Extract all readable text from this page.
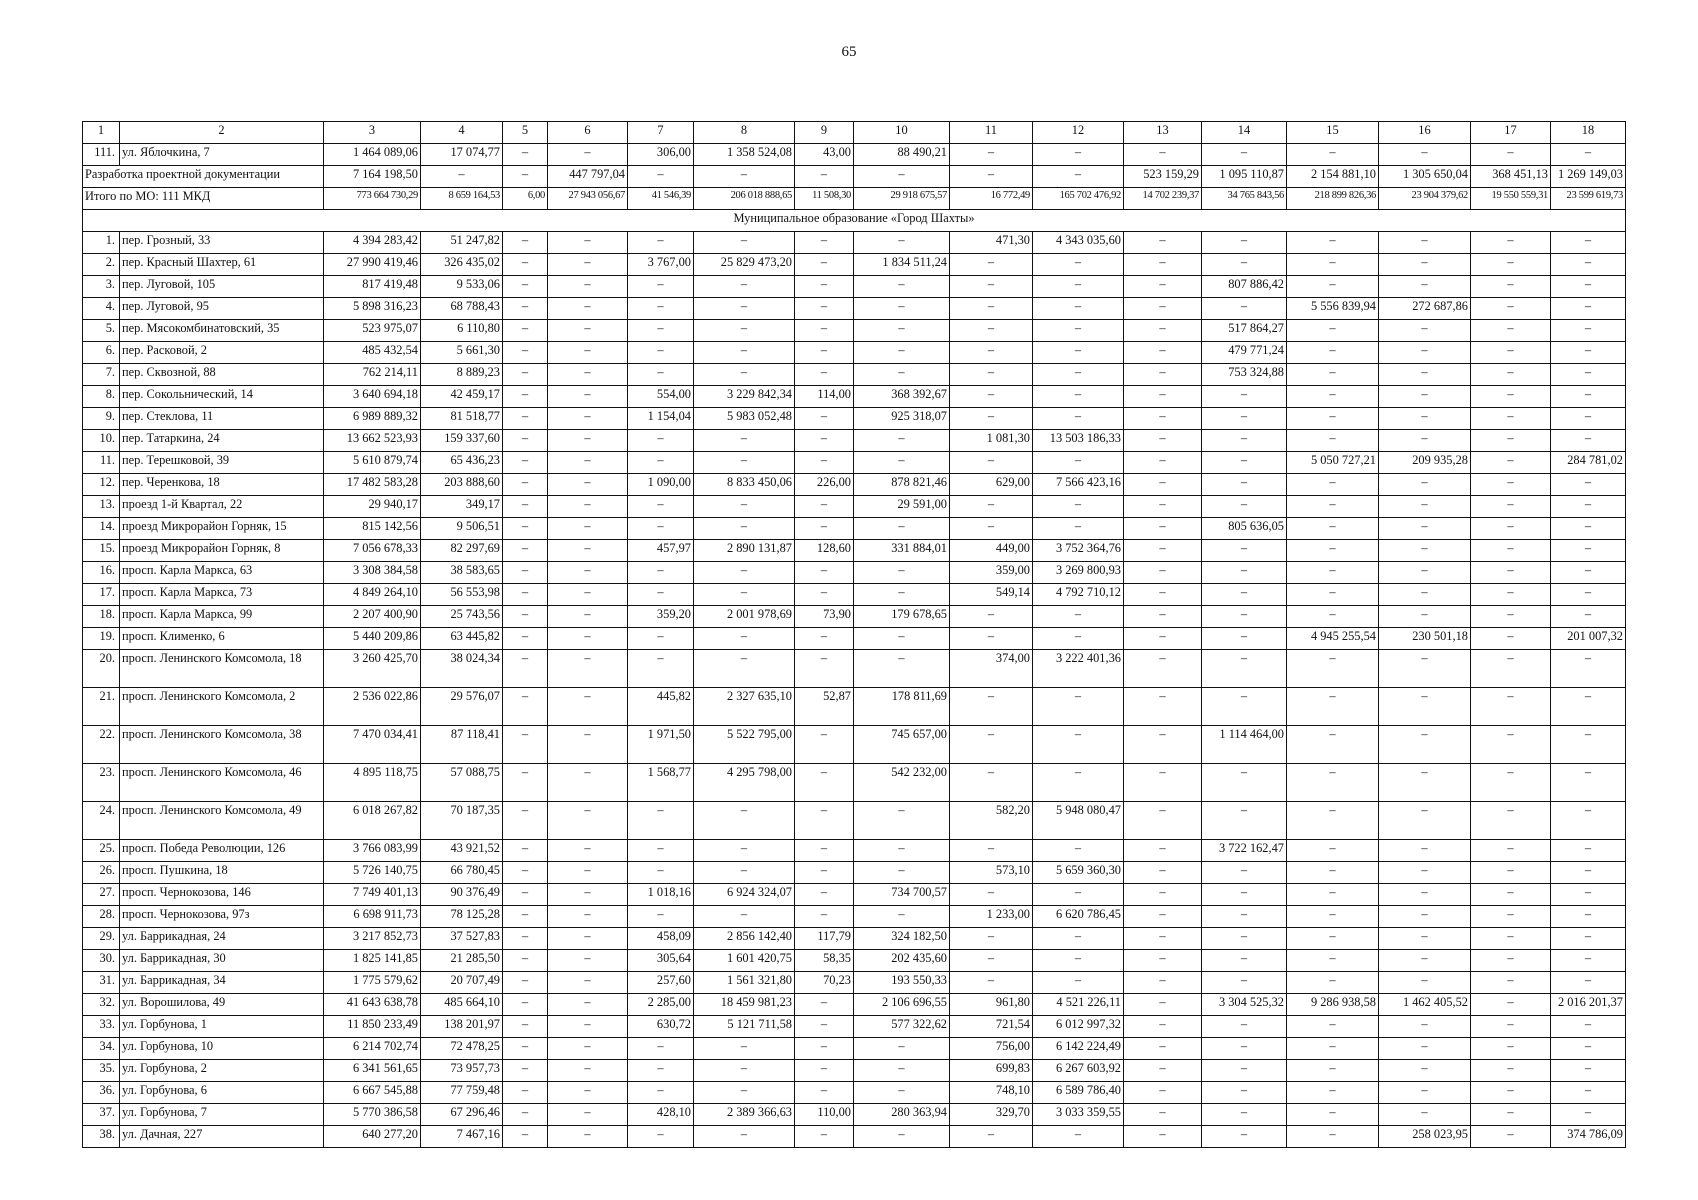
65
1	2	3	4	5	6	7	8	9	10	11	12	13	14	15	16	17	18
111.	ул. Яблочкина, 7	1 464 089,06	17 074,77	–	–	306,00	1 358 524,08	43,00	88 490,21	–	–	–	–	–	–	–	–
Разработка проектной документации		7 164 198,50	–	–	447 797,04	–	–	–	–	–	–	523 159,29	1 095 110,87	2 154 881,10	1 305 650,04	368 451,13	1 269 149,03
Итого по МО: 111 МКД		773 664 730,29	8 659 164,53	6,00	27 943 056,67	41 546,39	206 018 888,65	11 508,30	29 918 675,57	16 772,49	165 702 476,92	14 702 239,37	34 765 843,56	218 899 826,36	23 904 379,62	19 550 559,31	23 599 619,73
Муниципальное образование «Город Шахты»																	
1.	пер. Грозный, 33	4 394 283,42	51 247,82	–	–	–	–	–	–	471,30	4 343 035,60	–	–	–	–	–	–
2.	пер. Красный Шахтер, 61	27 990 419,46	326 435,02	–	–	3 767,00	25 829 473,20	–	1 834 511,24	–	–	–	–	–	–	–	–
3.	пер. Луговой, 105	817 419,48	9 533,06	–	–	–	–	–	–	–	–	–	807 886,42	–	–	–	–
4.	пер. Луговой, 95	5 898 316,23	68 788,43	–	–	–	–	–	–	–	–	–	–	5 556 839,94	272 687,86	–	–
5.	пер. Мясокомбинатовский, 35	523 975,07	6 110,80	–	–	–	–	–	–	–	–	–	517 864,27	–	–	–	–
6.	пер. Расковой, 2	485 432,54	5 661,30	–	–	–	–	–	–	–	–	–	479 771,24	–	–	–	–
7.	пер. Сквозной, 88	762 214,11	8 889,23	–	–	–	–	–	–	–	–	–	753 324,88	–	–	–	–
8.	пер. Сокольнический, 14	3 640 694,18	42 459,17	–	–	554,00	3 229 842,34	114,00	368 392,67	–	–	–	–	–	–	–	–
9.	пер. Стеклова, 11	6 989 889,32	81 518,77	–	–	1 154,04	5 983 052,48	–	925 318,07	–	–	–	–	–	–	–	–
10.	пер. Татаркина, 24	13 662 523,93	159 337,60	–	–	–	–	–	–	1 081,30	13 503 186,33	–	–	–	–	–	–
11.	пер. Терешковой, 39	5 610 879,74	65 436,23	–	–	–	–	–	–	–	–	–	–	5 050 727,21	209 935,28	–	284 781,02
12.	пер. Черенкова, 18	17 482 583,28	203 888,60	–	–	1 090,00	8 833 450,06	226,00	878 821,46	629,00	7 566 423,16	–	–	–	–	–	–
13.	проезд 1-й Квартал, 22	29 940,17	349,17	–	–	–	–	–	29 591,00	–	–	–	–	–	–	–	–
14.	проезд Микрорайон Горняк, 15	815 142,56	9 506,51	–	–	–	–	–	–	–	–	–	805 636,05	–	–	–	–
15.	проезд Микрорайон Горняк, 8	7 056 678,33	82 297,69	–	–	457,97	2 890 131,87	128,60	331 884,01	449,00	3 752 364,76	–	–	–	–	–	–
16.	просп. Карла Маркса, 63	3 308 384,58	38 583,65	–	–	–	–	–	–	359,00	3 269 800,93	–	–	–	–	–	–
17.	просп. Карла Маркса, 73	4 849 264,10	56 553,98	–	–	–	–	–	–	549,14	4 792 710,12	–	–	–	–	–	–
18.	просп. Карла Маркса, 99	2 207 400,90	25 743,56	–	–	359,20	2 001 978,69	73,90	179 678,65	–	–	–	–	–	–	–	–
19.	просп. Клименко, 6	5 440 209,86	63 445,82	–	–	–	–	–	–	–	–	–	–	4 945 255,54	230 501,18	–	201 007,32
20.	просп. Ленинского Комсомола, 18	3 260 425,70	38 024,34	–	–	–	–	–	–	374,00	3 222 401,36	–	–	–	–	–	–
21.	просп. Ленинского Комсомола, 2	2 536 022,86	29 576,07	–	–	445,82	2 327 635,10	52,87	178 811,69	–	–	–	–	–	–	–	–
22.	просп. Ленинского Комсомола, 38	7 470 034,41	87 118,41	–	–	1 971,50	5 522 795,00	–	745 657,00	–	–	–	1 114 464,00	–	–	–	–
23.	просп. Ленинского Комсомола, 46	4 895 118,75	57 088,75	–	–	1 568,77	4 295 798,00	–	542 232,00	–	–	–	–	–	–	–	–
24.	просп. Ленинского Комсомола, 49	6 018 267,82	70 187,35	–	–	–	–	–	–	582,20	5 948 080,47	–	–	–	–	–	–
25.	просп. Победа Революции, 126	3 766 083,99	43 921,52	–	–	–	–	–	–	–	–	–	3 722 162,47	–	–	–	–
26.	просп. Пушкина, 18	5 726 140,75	66 780,45	–	–	–	–	–	–	573,10	5 659 360,30	–	–	–	–	–	–
27.	просп. Чернокозова, 146	7 749 401,13	90 376,49	–	–	1 018,16	6 924 324,07	–	734 700,57	–	–	–	–	–	–	–	–
28.	просп. Чернокозова, 97з	6 698 911,73	78 125,28	–	–	–	–	–	–	1 233,00	6 620 786,45	–	–	–	–	–	–
29.	ул. Баррикадная, 24	3 217 852,73	37 527,83	–	–	458,09	2 856 142,40	117,79	324 182,50	–	–	–	–	–	–	–	–
30.	ул. Баррикадная, 30	1 825 141,85	21 285,50	–	–	305,64	1 601 420,75	58,35	202 435,60	–	–	–	–	–	–	–	–
31.	ул. Баррикадная, 34	1 775 579,62	20 707,49	–	–	257,60	1 561 321,80	70,23	193 550,33	–	–	–	–	–	–	–	–
32.	ул. Ворошилова, 49	41 643 638,78	485 664,10	–	–	2 285,00	18 459 981,23	–	2 106 696,55	961,80	4 521 226,11	–	3 304 525,32	9 286 938,58	1 462 405,52	–	2 016 201,37
33.	ул. Горбунова, 1	11 850 233,49	138 201,97	–	–	630,72	5 121 711,58	–	577 322,62	721,54	6 012 997,32	–	–	–	–	–	–
34.	ул. Горбунова, 10	6 214 702,74	72 478,25	–	–	–	–	–	–	756,00	6 142 224,49	–	–	–	–	–	–
35.	ул. Горбунова, 2	6 341 561,65	73 957,73	–	–	–	–	–	–	699,83	6 267 603,92	–	–	–	–	–	–
36.	ул. Горбунова, 6	6 667 545,88	77 759,48	–	–	–	–	–	–	748,10	6 589 786,40	–	–	–	–	–	–
37.	ул. Горбунова, 7	5 770 386,58	67 296,46	–	–	428,10	2 389 366,63	110,00	280 363,94	329,70	3 033 359,55	–	–	–	–	–	–
38.	ул. Дачная, 227	640 277,20	7 467,16	–	–	–	–	–	–	–	–	–	–	–	258 023,95	–	374 786,09
